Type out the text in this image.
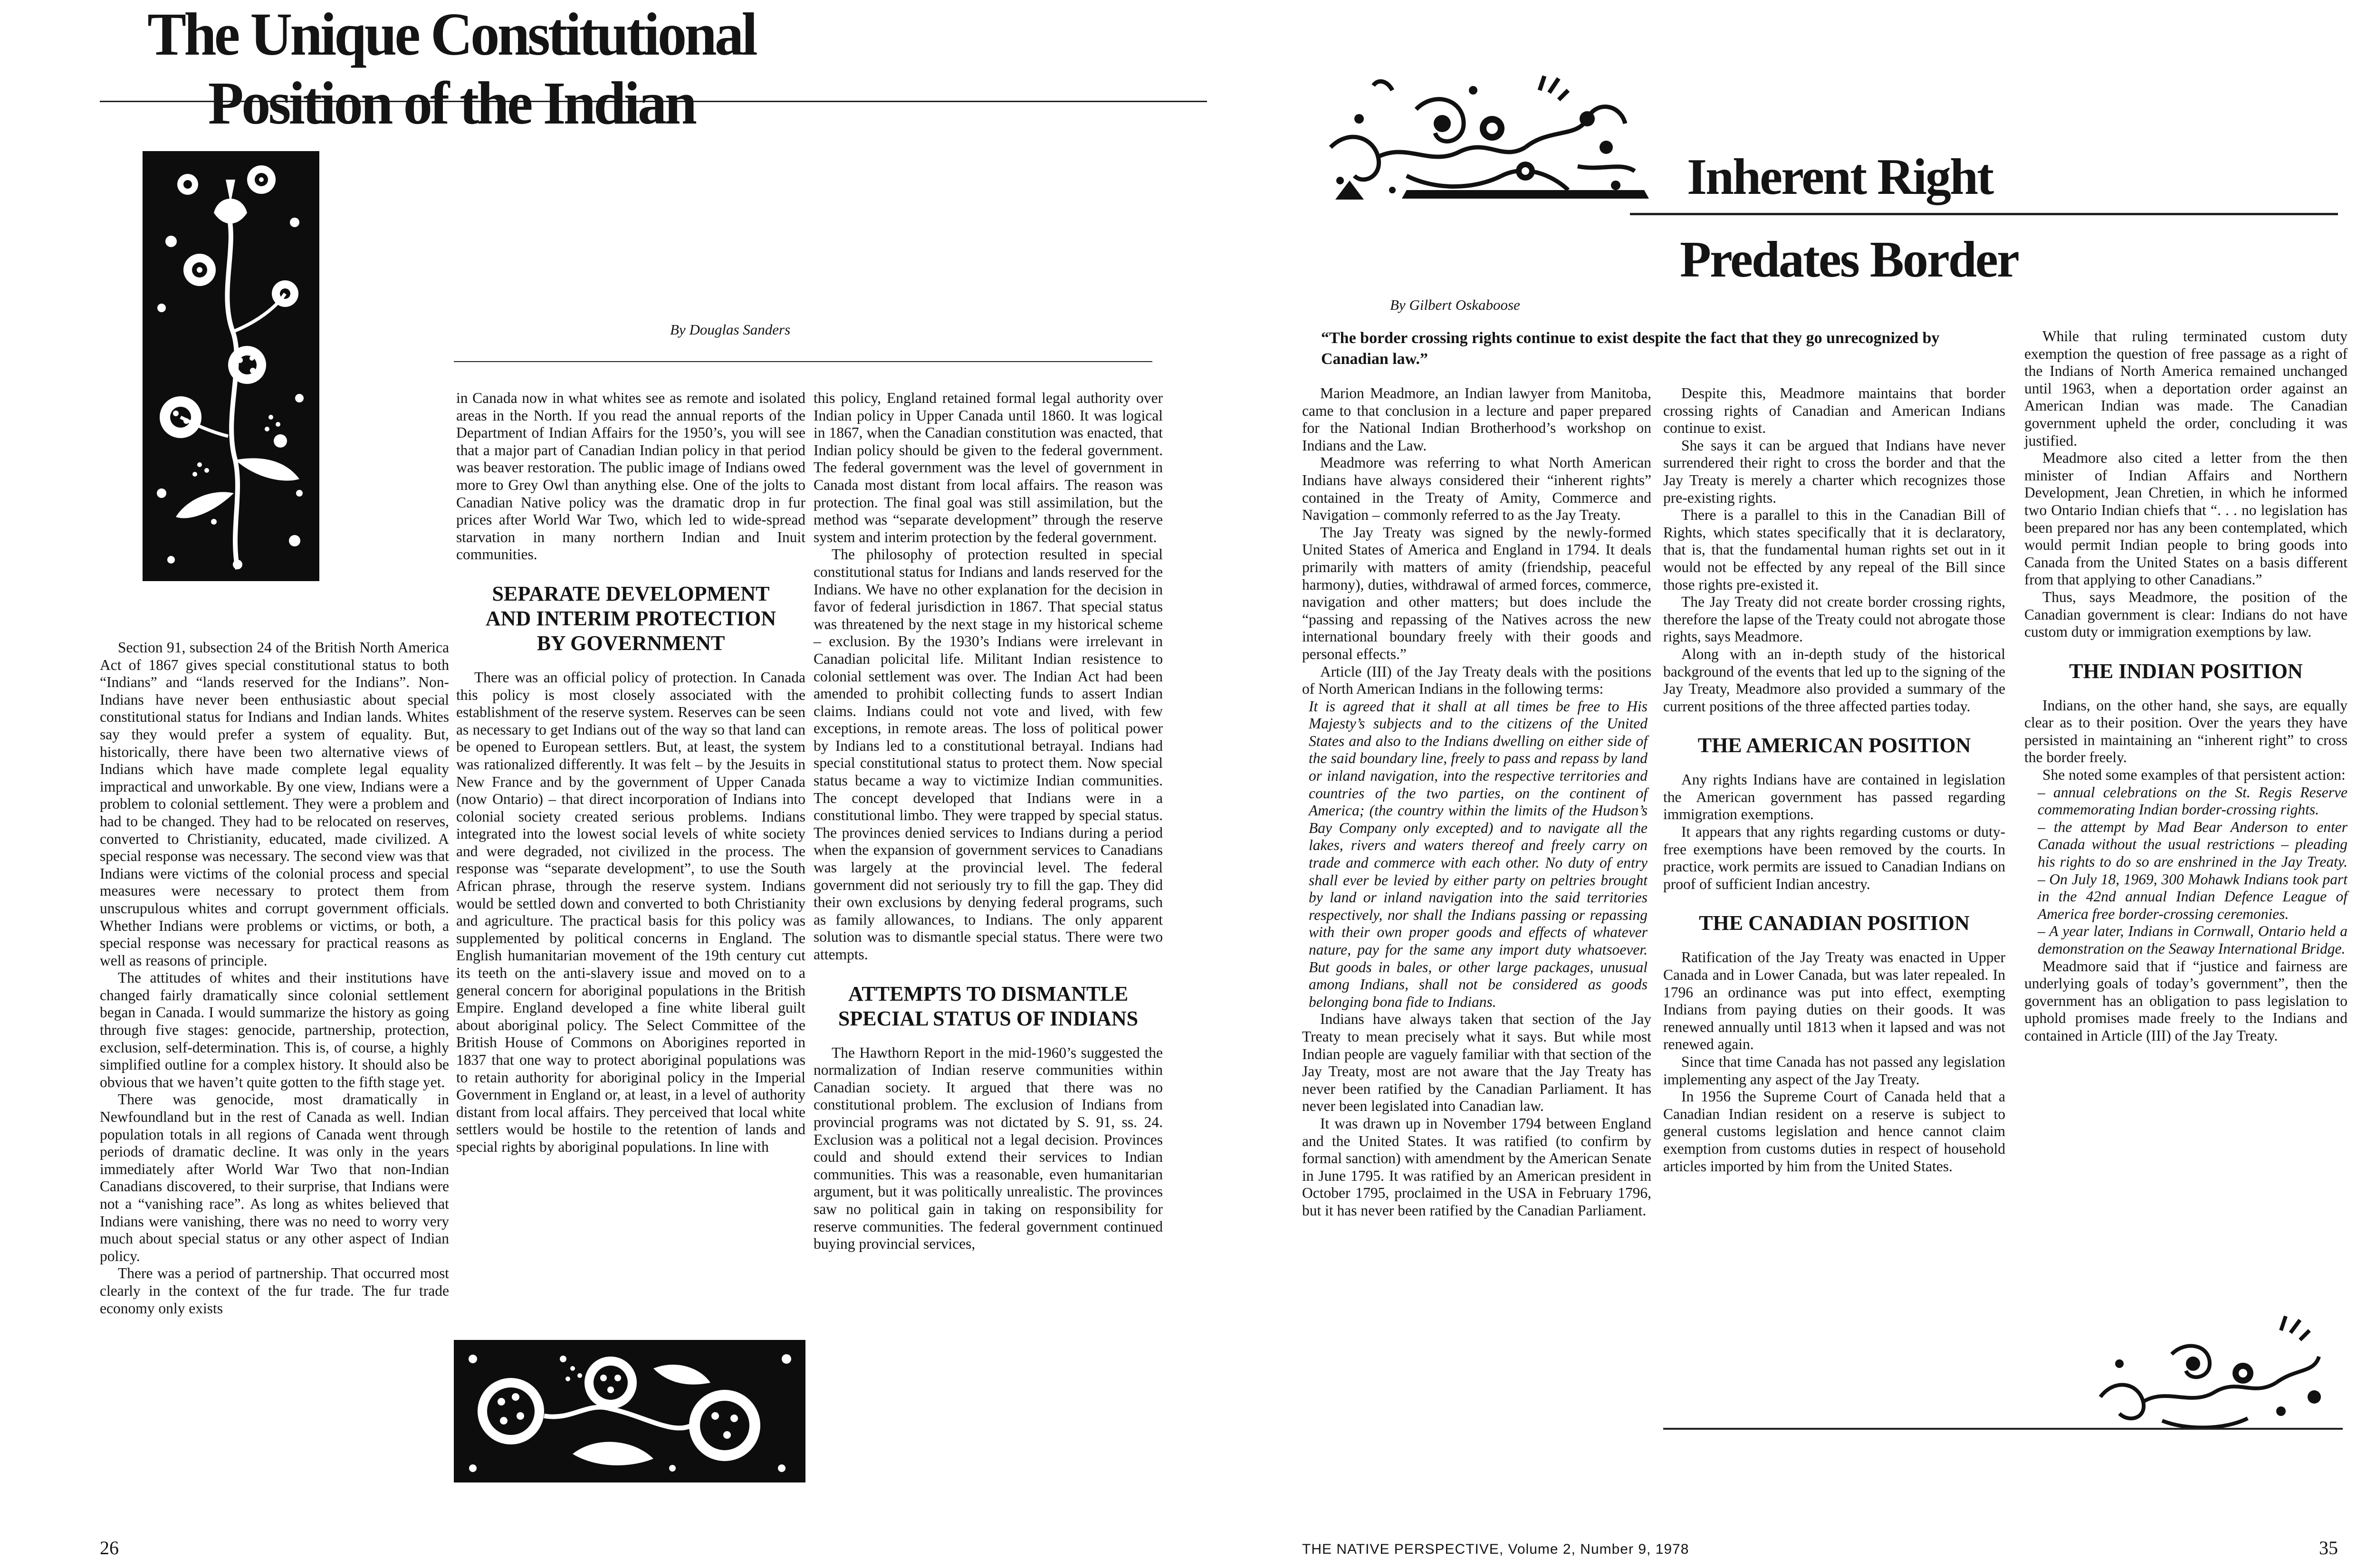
The Unique Constitutional
Position of the Indian
By Douglas Sanders

Section 91, subsection 24 of the British North America Act of 1867 gives special constitutional status to both “Indians” and “lands reserved for the Indians”. Non-Indians have never been enthusiastic about special constitutional status for Indians and Indian lands. Whites say they would prefer a system of equality. But, historically, there have been two alternative views of Indians which have made complete legal equality impractical and unworkable. By one view, Indians were a problem to colonial settlement. They were a problem and had to be changed. They had to be relocated on reserves, converted to Christianity, educated, made civilized. A special response was necessary. The second view was that Indians were victims of the colonial process and special measures were necessary to protect them from unscrupulous whites and corrupt government officials. Whether Indians were problems or victims, or both, a special response was necessary for practical reasons as well as reasons of principle.

The attitudes of whites and their institutions have changed fairly dramatically since colonial settlement began in Canada. I would summarize the history as going through five stages: genocide, partnership, protection, exclusion, self-determination. This is, of course, a highly simplified outline for a complex history. It should also be obvious that we haven’t quite gotten to the fifth stage yet.

There was genocide, most dramatically in Newfoundland but in the rest of Canada as well. Indian population totals in all regions of Canada went through periods of dramatic decline. It was only in the years immediately after World War Two that non-Indian Canadians discovered, to their surprise, that Indians were not a “vanishing race”. As long as whites believed that Indians were vanishing, there was no need to worry very much about special status or any other aspect of Indian policy.

There was a period of partnership. That occurred most clearly in the context of the fur trade. The fur trade economy only exists

in Canada now in what whites see as remote and isolated areas in the North. If you read the annual reports of the Department of Indian Affairs for the 1950’s, you will see that a major part of Canadian Indian policy in that period was beaver restoration. The public image of Indians owed more to Grey Owl than anything else. One of the jolts to Canadian Native policy was the dramatic drop in fur prices after World War Two, which led to wide-spread starvation in many northern Indian and Inuit communities.

SEPARATE DEVELOPMENT AND INTERIM PROTECTION BY GOVERNMENT

There was an official policy of protection. In Canada this policy is most closely associated with the establishment of the reserve system. Reserves can be seen as necessary to get Indians out of the way so that land can be opened to European settlers. But, at least, the system was rationalized differently. It was felt – by the Jesuits in New France and by the government of Upper Canada (now Ontario) – that direct incorporation of Indians into colonial society created serious problems. Indians integrated into the lowest social levels of white society and were degraded, not civilized in the process. The response was “separate development”, to use the South African phrase, through the reserve system. Indians would be settled down and converted to both Christianity and agriculture. The practical basis for this policy was supplemented by political concerns in England. The English humanitarian movement of the 19th century cut its teeth on the anti-slavery issue and moved on to a general concern for aboriginal populations in the British Empire. England developed a fine white liberal guilt about aboriginal policy. The Select Committee of the British House of Commons on Aborigines reported in 1837 that one way to protect aboriginal populations was to retain authority for aboriginal policy in the Imperial Government in England or, at least, in a level of authority distant from local affairs. They perceived that local white settlers would be hostile to the retention of lands and special rights by aboriginal populations. In line with

this policy, England retained formal legal authority over Indian policy in Upper Canada until 1860. It was logical in 1867, when the Canadian constitution was enacted, that Indian policy should be given to the federal government. The federal government was the level of government in Canada most distant from local affairs. The reason was protection. The final goal was still assimilation, but the method was “separate development” through the reserve system and interim protection by the federal government.

The philosophy of protection resulted in special constitutional status for Indians and lands reserved for the Indians. We have no other explanation for the decision in favor of federal jurisdiction in 1867. That special status was threatened by the next stage in my historical scheme – exclusion. By the 1930’s Indians were irrelevant in Canadian policital life. Militant Indian resistence to colonial settlement was over. The Indian Act had been amended to prohibit collecting funds to assert Indian claims. Indians could not vote and lived, with few exceptions, in remote areas. The loss of political power by Indians led to a constitutional betrayal. Indians had special constitutional status to protect them. Now special status became a way to victimize Indian communities. The concept developed that Indians were in a constitutional limbo. They were trapped by special status. The provinces denied services to Indians during a period when the expansion of government services to Canadians was largely at the provincial level. The federal government did not seriously try to fill the gap. They did their own exclusions by denying federal programs, such as family allowances, to Indians. The only apparent solution was to dismantle special status. There were two attempts.

ATTEMPTS TO DISMANTLE SPECIAL STATUS OF INDIANS

The Hawthorn Report in the mid-1960’s suggested the normalization of Indian reserve communities within Canadian society. It argued that there was no constitutional problem. The exclusion of Indians from provincial programs was not dictated by S. 91, ss. 24. Exclusion was a political not a legal decision. Provinces could and should extend their services to Indian communities. This was a reasonable, even humanitarian argument, but it was politically unrealistic. The provinces saw no political gain in taking on responsibility for reserve communities. The federal government continued buying provincial services,

26
Inherent Right
Predates Border
By Gilbert Oskaboose
“The border crossing rights continue to exist despite the fact that they go unrecognized by Canadian law.”

Marion Meadmore, an Indian lawyer from Manitoba, came to that conclusion in a lecture and paper prepared for the National Indian Brotherhood’s workshop on Indians and the Law.

Meadmore was referring to what North American Indians have always considered their “inherent rights” contained in the Treaty of Amity, Commerce and Navigation – commonly referred to as the Jay Treaty.

The Jay Treaty was signed by the newly-formed United States of America and England in 1794. It deals primarily with matters of amity (friendship, peaceful harmony), duties, withdrawal of armed forces, commerce, navigation and other matters; but does include the “passing and repassing of the Natives across the new international boundary freely with their goods and personal effects.”

Article (III) of the Jay Treaty deals with the positions of North American Indians in the following terms:

It is agreed that it shall at all times be free to His Majesty’s subjects and to the citizens of the United States and also to the Indians dwelling on either side of the said boundary line, freely to pass and repass by land or inland navigation, into the respective territories and countries of the two parties, on the continent of America; (the country within the limits of the Hudson’s Bay Company only excepted) and to navigate all the lakes, rivers and waters thereof and freely carry on trade and commerce with each other. No duty of entry shall ever be levied by either party on peltries brought by land or inland navigation into the said territories respectively, nor shall the Indians passing or repassing with their own proper goods and effects of whatever nature, pay for the same any import duty whatsoever. But goods in bales, or other large packages, unusual among Indians, shall not be considered as goods belonging bona fide to Indians.

Indians have always taken that section of the Jay Treaty to mean precisely what it says. But while most Indian people are vaguely familiar with that section of the Jay Treaty, most are not aware that the Jay Treaty has never been ratified by the Canadian Parliament. It has never been legislated into Canadian law.

It was drawn up in November 1794 between England and the United States. It was ratified (to confirm by formal sanction) with amendment by the American Senate in June 1795. It was ratified by an American president in October 1795, proclaimed in the USA in February 1796, but it has never been ratified by the Canadian Parliament.

Despite this, Meadmore maintains that border crossing rights of Canadian and American Indians continue to exist.

She says it can be argued that Indians have never surrendered their right to cross the border and that the Jay Treaty is merely a charter which recognizes those pre-existing rights.

There is a parallel to this in the Canadian Bill of Rights, which states specifically that it is declaratory, that is, that the fundamental human rights set out in it would not be effected by any repeal of the Bill since those rights pre-existed it.

The Jay Treaty did not create border crossing rights, therefore the lapse of the Treaty could not abrogate those rights, says Meadmore.

Along with an in-depth study of the historical background of the events that led up to the signing of the Jay Treaty, Meadmore also provided a summary of the current positions of the three affected parties today.

THE AMERICAN POSITION

Any rights Indians have are contained in legislation the American government has passed regarding immigration exemptions.

It appears that any rights regarding customs or duty-free exemptions have been removed by the courts. In practice, work permits are issued to Canadian Indians on proof of sufficient Indian ancestry.

THE CANADIAN POSITION

Ratification of the Jay Treaty was enacted in Upper Canada and in Lower Canada, but was later repealed. In 1796 an ordinance was put into effect, exempting Indians from paying duties on their goods. It was renewed annually until 1813 when it lapsed and was not renewed again.

Since that time Canada has not passed any legislation implementing any aspect of the Jay Treaty.

In 1956 the Supreme Court of Canada held that a Canadian Indian resident on a reserve is subject to general customs legislation and hence cannot claim exemption from customs duties in respect of household articles imported by him from the United States.

While that ruling terminated custom duty exemption the question of free passage as a right of the Indians of North America remained unchanged until 1963, when a deportation order against an American Indian was made. The Canadian government upheld the order, concluding it was justified.

Meadmore also cited a letter from the then minister of Indian Affairs and Northern Development, Jean Chretien, in which he informed two Ontario Indian chiefs that “. . . no legislation has been prepared nor has any been contemplated, which would permit Indian people to bring goods into Canada from the United States on a basis different from that applying to other Canadians.”

Thus, says Meadmore, the position of the Canadian government is clear: Indians do not have custom duty or immigration exemptions by law.

THE INDIAN POSITION

Indians, on the other hand, she says, are equally clear as to their position. Over the years they have persisted in maintaining an “inherent right” to cross the border freely.

She noted some examples of that persistent action:

– annual celebrations on the St. Regis Reserve commemorating Indian border-crossing rights.

– the attempt by Mad Bear Anderson to enter Canada without the usual restrictions – pleading his rights to do so are enshrined in the Jay Treaty. – On July 18, 1969, 300 Mohawk Indians took part in the 42nd annual Indian Defence League of America free border-crossing ceremonies.

– A year later, Indians in Cornwall, Ontario held a demonstration on the Seaway International Bridge.

Meadmore said that if “justice and fairness are underlying goals of today’s government”, then the government has an obligation to pass legislation to uphold promises made freely to the Indians and contained in Article (III) of the Jay Treaty.

THE NATIVE PERSPECTIVE, Volume 2, Number 9, 1978	35
